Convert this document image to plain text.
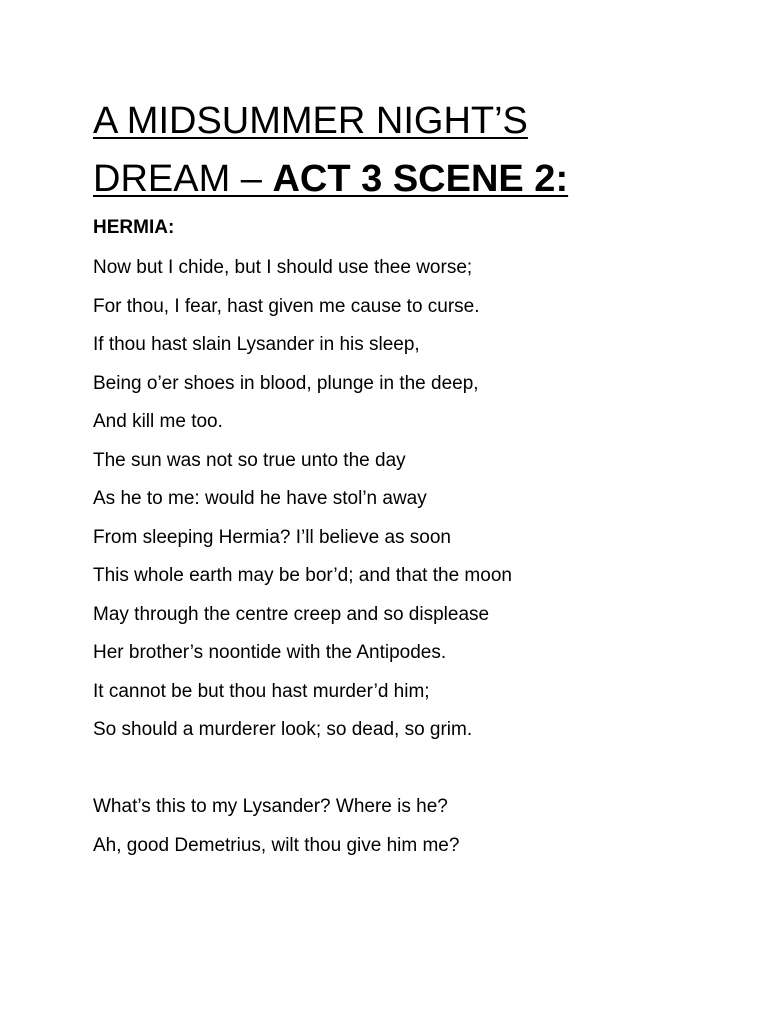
A MIDSUMMER NIGHT’S
DREAM – ACT 3 SCENE 2:

HERMIA:

Now but I chide, but I should use thee worse;
For thou, I fear, hast given me cause to curse.
If thou hast slain Lysander in his sleep,
Being o’er shoes in blood, plunge in the deep,
And kill me too.
The sun was not so true unto the day
As he to me: would he have stol’n away
From sleeping Hermia? I’ll believe as soon
This whole earth may be bor’d; and that the moon
May through the centre creep and so displease
Her brother’s noontide with the Antipodes.
It cannot be but thou hast murder’d him;
So should a murderer look; so dead, so grim.
What’s this to my Lysander? Where is he?
Ah, good Demetrius, wilt thou give him me?
